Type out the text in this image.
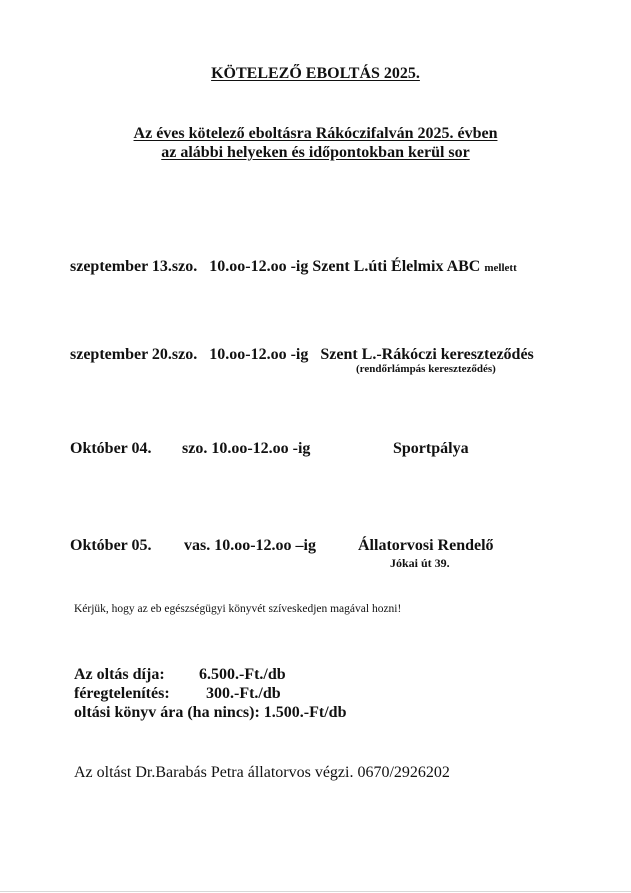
KÖTELEZŐ EBOLTÁS 2025.
Az éves kötelező eboltásra Rákóczifalván 2025. évben
az alábbi helyeken és időpontokban kerül sor
szeptember 13.szo. 10.oo-12.oo -ig Szent L.úti Élelmix ABC mellett
szeptember 20.szo. 10.oo-12.oo -ig Szent L.-Rákóczi kereszteződés
(rendőrlámpás kereszteződés)
Október 04. szo. 10.oo-12.oo -ig	Sportpálya
Október 05. vas. 10.oo-12.oo –ig	Állatorvosi Rendelő
Jókai út 39.
Kérjük, hogy az eb egészségügyi könyvét szíveskedjen magával hozni!
Az oltás díja: 6.500.-Ft./db
féregtelenítés: 300.-Ft./db
oltási könyv ára (ha nincs): 1.500.-Ft/db
Az oltást Dr.Barabás Petra állatorvos végzi. 0670/2926202
